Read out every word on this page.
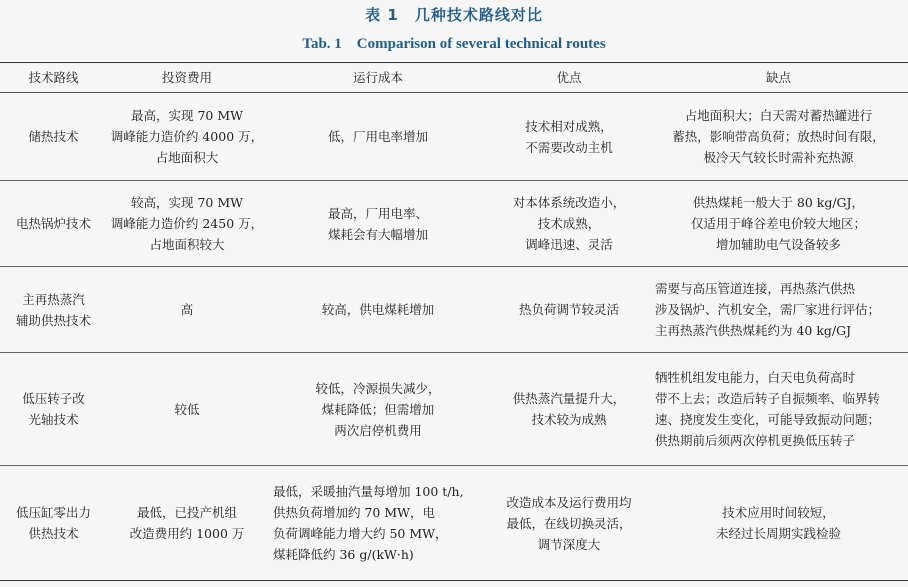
表 1　几种技术路线对比
Tab. 1　Comparison of several technical routes
技术路线	投资费用	运行成本	优点	缺点

储热技术	最高，实现 70 MW
调峰能力造价约 4000 万，
占地面积大	低，厂用电率增加	技术相对成熟，
不需要改动主机	占地面积大；白天需对蓄热罐进行
蓄热，影响带高负荷；放热时间有限，
极冷天气较长时需补充热源

电热锅炉技术	较高，实现 70 MW
调峰能力造价约 2450 万，
占地面积较大	最高，厂用电率、
煤耗会有大幅增加	对本体系统改造小，
技术成熟，
调峰迅速、灵活	供热煤耗一般大于 80 kg/GJ，
仅适用于峰谷差电价较大地区；
增加辅助电气设备较多

主再热蒸汽
辅助供热技术	高	较高，供电煤耗增加	热负荷调节较灵活	需要与高压管道连接，再热蒸汽供热
涉及锅炉、汽机安全，需厂家进行评估；
主再热蒸汽供热煤耗约为 40 kg/GJ

低压转子改
光轴技术	较低	较低，冷源损失减少，
煤耗降低；但需增加
两次启停机费用	供热蒸汽量提升大，
技术较为成熟	牺牲机组发电能力，白天电负荷高时
带不上去；改造后转子自振频率、临界转
速、挠度发生变化，可能导致振动问题；
供热期前后须两次停机更换低压转子

低压缸零出力
供热技术	最低，已投产机组
改造费用约 1000 万	最低，采暖抽汽量每增加 100 t/h,
供热负荷增加约 70 MW，电
负荷调峰能力增大约 50 MW，
煤耗降低约 36 g/(kW·h)	改造成本及运行费用均
最低，在线切换灵活，
调节深度大	技术应用时间较短，
未经过长周期实践检验
